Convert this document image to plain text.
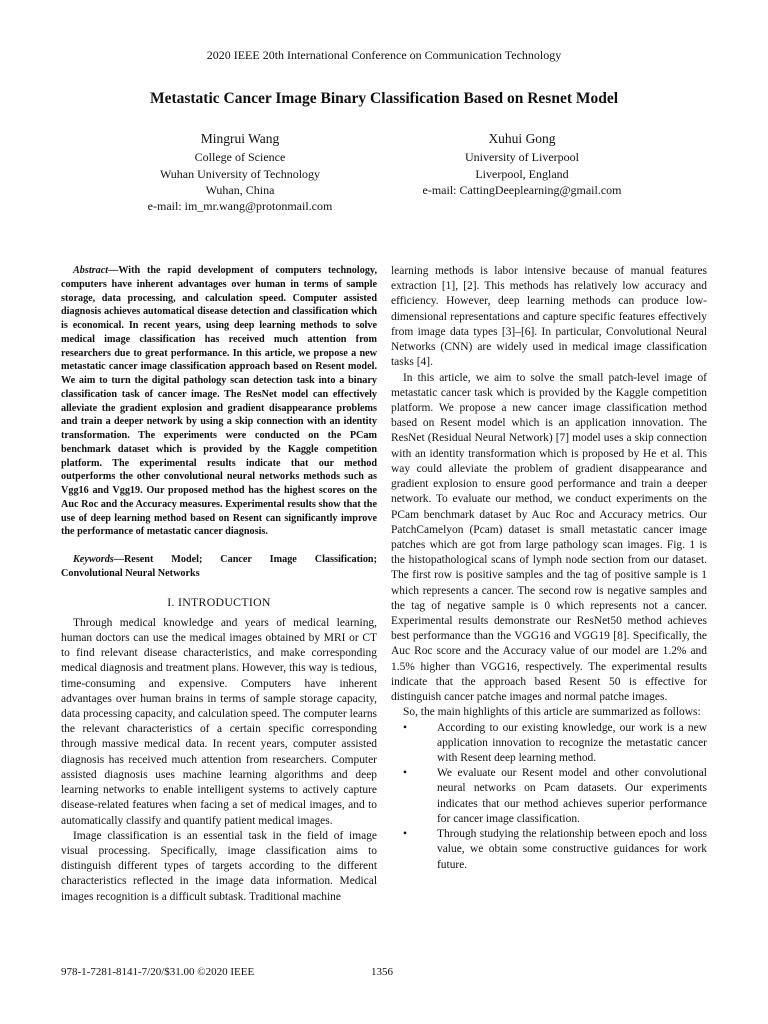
2020 IEEE 20th International Conference on Communication Technology
Metastatic Cancer Image Binary Classification Based on Resnet Model
Mingrui Wang
College of Science
Wuhan University of Technology
Wuhan, China
e-mail: im_mr.wang@protonmail.com
Xuhui Gong
University of Liverpool
Liverpool, England
e-mail: CattingDeeplearning@gmail.com

Abstract—With the rapid development of computers technology, computers have inherent advantages over human in terms of sample storage, data processing, and calculation speed. Computer assisted diagnosis achieves automatical disease detection and classification which is economical. In recent years, using deep learning methods to solve medical image classification has received much attention from researchers due to great performance. In this article, we propose a new metastatic cancer image classification approach based on Resent model. We aim to turn the digital pathology scan detection task into a binary classification task of cancer image. The ResNet model can effectively alleviate the gradient explosion and gradient disappearance problems and train a deeper network by using a skip connection with an identity transformation. The experiments were conducted on the PCam benchmark dataset which is provided by the Kaggle competition platform. The experimental results indicate that our method outperforms the other convolutional neural networks methods such as Vgg16 and Vgg19. Our proposed method has the highest scores on the Auc Roc and the Accuracy measures. Experimental results show that the use of deep learning method based on Resent can significantly improve the performance of metastatic cancer diagnosis.

Keywords—Resent Model; Cancer Image Classification; Convolutional Neural Networks

I. INTRODUCTION

Through medical knowledge and years of medical learning, human doctors can use the medical images obtained by MRI or CT to find relevant disease characteristics, and make corresponding medical diagnosis and treatment plans. However, this way is tedious, time-consuming and expensive. Computers have inherent advantages over human brains in terms of sample storage capacity, data processing capacity, and calculation speed. The computer learns the relevant characteristics of a certain specific corresponding through massive medical data. In recent years, computer assisted diagnosis has received much attention from researchers. Computer assisted diagnosis uses machine learning algorithms and deep learning networks to enable intelligent systems to actively capture disease-related features when facing a set of medical images, and to automatically classify and quantify patient medical images.

Image classification is an essential task in the field of image visual processing. Specifically, image classification aims to distinguish different types of targets according to the different characteristics reflected in the image data information. Medical images recognition is a difficult subtask. Traditional machine

learning methods is labor intensive because of manual features extraction [1], [2]. This methods has relatively low accuracy and efficiency. However, deep learning methods can produce low-dimensional representations and capture specific features effectively from image data types [3]–[6]. In particular, Convolutional Neural Networks (CNN) are widely used in medical image classification tasks [4].

In this article, we aim to solve the small patch-level image of metastatic cancer task which is provided by the Kaggle competition platform. We propose a new cancer image classification method based on Resent model which is an application innovation. The ResNet (Residual Neural Network) [7] model uses a skip connection with an identity transformation which is proposed by He et al. This way could alleviate the problem of gradient disappearance and gradient explosion to ensure good performance and train a deeper network. To evaluate our method, we conduct experiments on the PCam benchmark dataset by Auc Roc and Accuracy metrics. Our PatchCamelyon (Pcam) dataset is small metastatic cancer image patches which are got from large pathology scan images. Fig. 1 is the histopathological scans of lymph node section from our dataset. The first row is positive samples and the tag of positive sample is 1 which represents a cancer. The second row is negative samples and the tag of negative sample is 0 which represents not a cancer. Experimental results demonstrate our ResNet50 method achieves best performance than the VGG16 and VGG19 [8]. Specifically, the Auc Roc score and the Accuracy value of our model are 1.2% and 1.5% higher than VGG16, respectively. The experimental results indicate that the approach based Resent 50 is effective for distinguish cancer patche images and normal patche images.

So, the main highlights of this article are summarized as follows:

•	According to our existing knowledge, our work is a new application innovation to recognize the metastatic cancer with Resent deep learning method.
•	We evaluate our Resent model and other convolutional neural networks on Pcam datasets. Our experiments indicates that our method achieves superior performance for cancer image classification.
•	Through studying the relationship between epoch and loss value, we obtain some constructive guidances for work future.
978-1-7281-8141-7/20/$31.00 ©2020 IEEE	1356
